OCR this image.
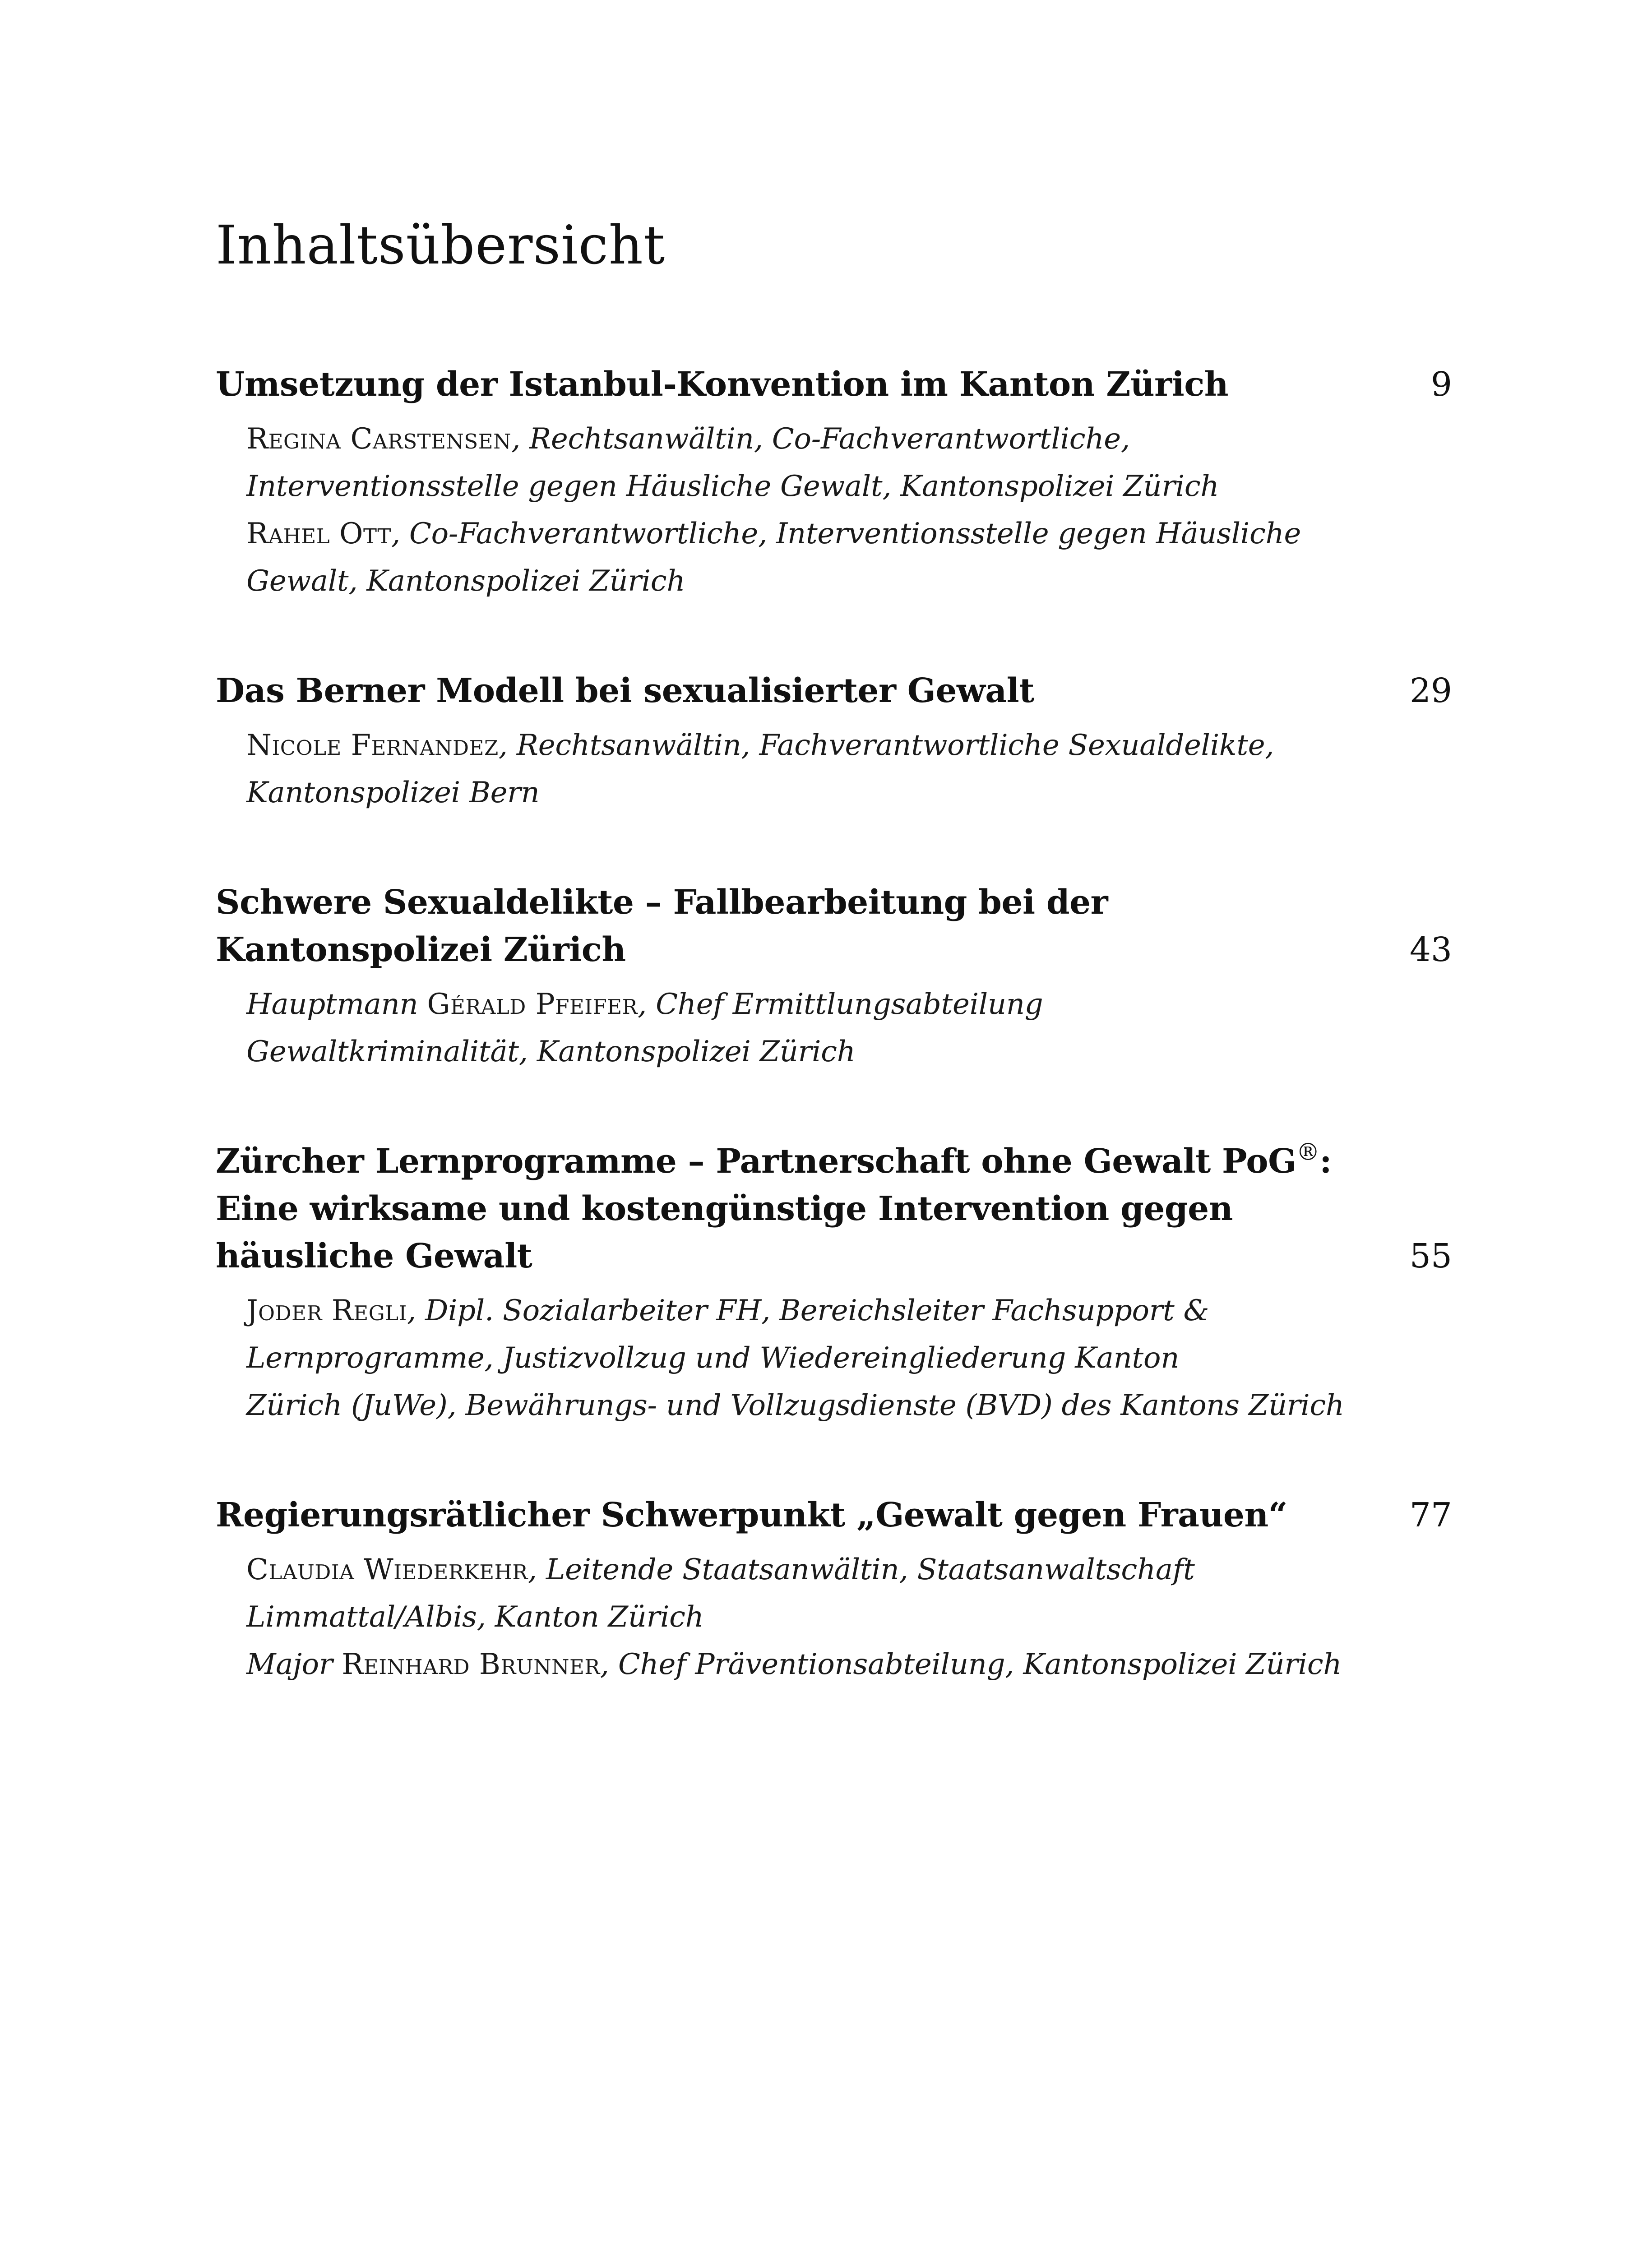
Inhaltsübersicht
Umsetzung der Istanbul-Konvention im Kanton Zürich	9
Regina Carstensen, Rechtsanwältin, Co-Fachverantwortliche,
Interventionsstelle gegen Häusliche Gewalt, Kantonspolizei Zürich
Rahel Ott, Co-Fachverantwortliche, Interventionsstelle gegen Häusliche
Gewalt, Kantonspolizei Zürich
Das Berner Modell bei sexualisierter Gewalt	29
Nicole Fernandez, Rechtsanwältin, Fachverantwortliche Sexualdelikte,
Kantonspolizei Bern
Schwere Sexualdelikte – Fallbearbeitung bei der
Kantonspolizei Zürich	43
Hauptmann Gérald Pfeifer, Chef Ermittlungsabteilung
Gewaltkriminalität, Kantonspolizei Zürich
Zürcher Lernprogramme – Partnerschaft ohne Gewalt PoG®:
Eine wirksame und kostengünstige Intervention gegen
häusliche Gewalt	55
Joder Regli, Dipl. Sozialarbeiter FH, Bereichsleiter Fachsupport &
Lernprogramme, Justizvollzug und Wiedereingliederung Kanton
Zürich (JuWe), Bewährungs- und Vollzugsdienste (BVD) des Kantons Zürich
Regierungsrätlicher Schwerpunkt „Gewalt gegen Frauen“	77
Claudia Wiederkehr, Leitende Staatsanwältin, Staatsanwaltschaft
Limmattal/Albis, Kanton Zürich
Major Reinhard Brunner, Chef Präventionsabteilung, Kantonspolizei Zürich
